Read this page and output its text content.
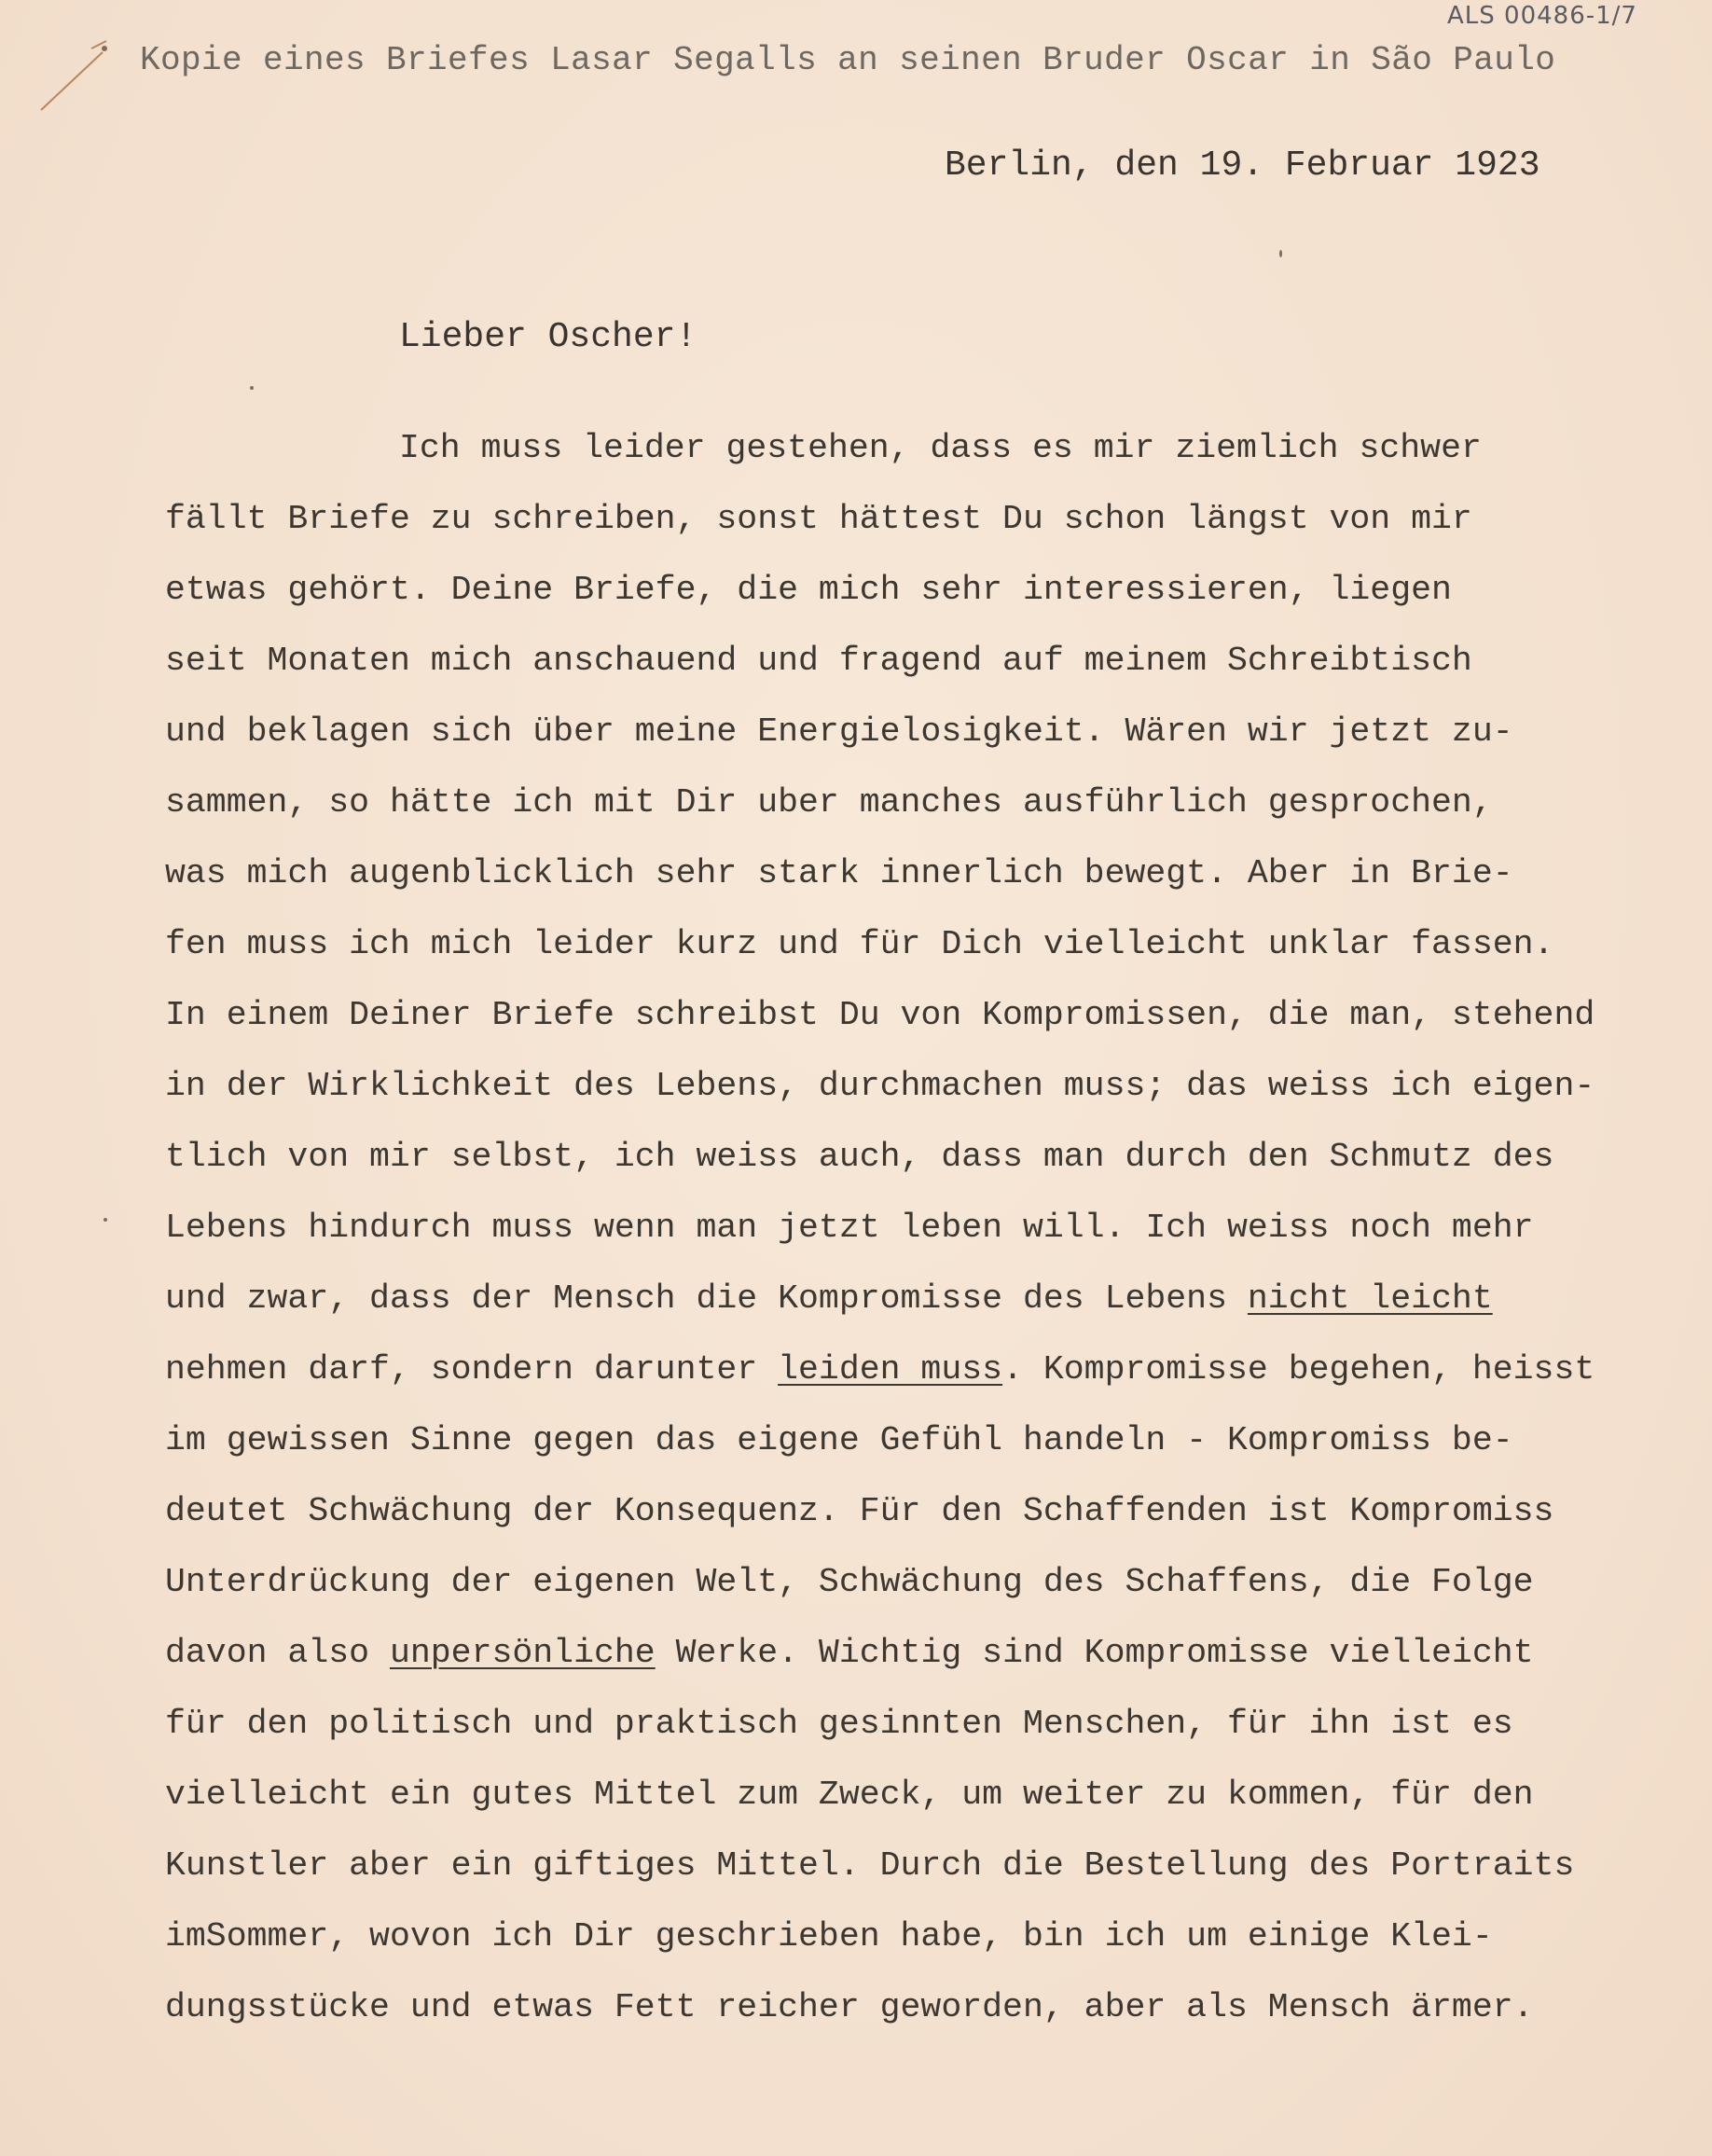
ALS 00486-1/7
Kopie eines Briefes Lasar Segalls an seinen Bruder Oscar in São Paulo
Berlin, den 19. Februar 1923
Lieber Oscher!
Ich muss leider gestehen, dass es mir ziemlich schwer
fällt Briefe zu schreiben, sonst hättest Du schon längst von mir
etwas gehört. Deine Briefe, die mich sehr interessieren, liegen
seit Monaten mich anschauend und fragend auf meinem Schreibtisch
und beklagen sich über meine Energielosigkeit. Wären wir jetzt zu-
sammen, so hätte ich mit Dir uber manches ausführlich gesprochen,
was mich augenblicklich sehr stark innerlich bewegt. Aber in Brie-
fen muss ich mich leider kurz und für Dich vielleicht unklar fassen.
In einem Deiner Briefe schreibst Du von Kompromissen, die man, stehend
in der Wirklichkeit des Lebens, durchmachen muss; das weiss ich eigen-
tlich von mir selbst, ich weiss auch, dass man durch den Schmutz des
Lebens hindurch muss wenn man jetzt leben will. Ich weiss noch mehr
und zwar, dass der Mensch die Kompromisse des Lebens nicht leicht
nehmen darf, sondern darunter leiden muss. Kompromisse begehen, heisst
im gewissen Sinne gegen das eigene Gefühl handeln - Kompromiss be-
deutet Schwächung der Konsequenz. Für den Schaffenden ist Kompromiss
Unterdrückung der eigenen Welt, Schwächung des Schaffens, die Folge
davon also unpersönliche Werke. Wichtig sind Kompromisse vielleicht
für den politisch und praktisch gesinnten Menschen, für ihn ist es
vielleicht ein gutes Mittel zum Zweck, um weiter zu kommen, für den
Kunstler aber ein giftiges Mittel. Durch die Bestellung des Portraits
imSommer, wovon ich Dir geschrieben habe, bin ich um einige Klei-
dungsstücke und etwas Fett reicher geworden, aber als Mensch ärmer.
